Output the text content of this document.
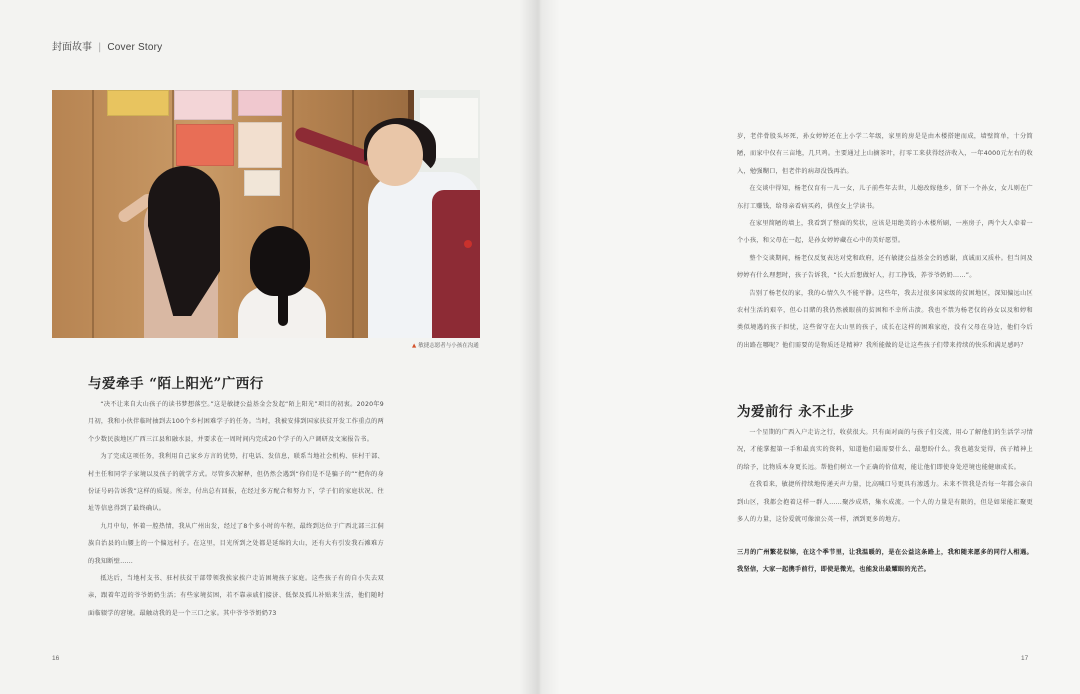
封面故事 | Cover Story
▲ 敏捷志愿者与小孩在沟通
与爱牵手 “陌上阳光”广西行

“决不让来自大山孩子的读书梦想落空。”这是敏捷公益基金会发起“陌上阳光”项目的初衷。2020年9月初，我和小伙伴临时抽到去100个乡村困难学子的任务。当时，我被安排到国家扶贫开发工作重点的两个少数民族地区广西三江县和融水县，并要求在一周时间内完成20个学子的入户调研及文案报告书。

为了完成这项任务，我利用自己家乡方言的优势，打电话、发信息，联系当地社会机构、驻村干部、村主任和同学子家境以及孩子的就学方式。尽管多次解释，但仍然会遇到“你们是不是骗子的”“把你的身份证号码告诉我”这样的质疑。所幸，付出总有回报，在经过多方配合和努力下，学子们的家庭状况、往址等信息得到了最终确认。

九月中旬，怀着一腔热情，我从广州出发，经过了8个多小时的车程，最终到达位于广西北部三江侗族自治县的山腰上的一个偏远村子。在这里，目光所到之处都是延绵的大山，还有大有引发我石滩难方的我知断壁……

抵达后，当地村支书、驻村扶贫干部带领我挨家挨户走访困境孩子家庭。这些孩子有的自小失去双亲，跟着年迈的爷爷奶奶生活；有些家境贫困，若不靠亲戚们接济、低保及孤儿补贴来生活，他们随时面临辍学的窘境。最触动我的是一个三口之家。其中爷爷爷奶奶73

16

岁，老伴骨股头坏死，孙女婷婷还在上小学二年级，家里的房是是由木楼搭建而成，墙壁简单，十分简陋，而家中仅有三亩地，几只鸡。主要通过上山摘茶叶，打零工来获得经济收入，一年4000元左右的收入，勉强糊口，但老伴的病却没钱再治。

在交谈中得知，杨老仅育有一儿一女，儿子前些年去世，儿媳改嫁他乡，留下一个孙女，女儿则在广东打工赚钱，给母亲看病买药，供侄女上学读书。

在家里简陋的墙上，我看到了整面的奖状，应该是用绝美的小木楼所刷，一座房子，两个大人牵着一个小孩，和父母在一起，是孙女婷婷藏在心中的美好愿望。

整个交谈期间，杨老仅反复表达对党和政府，还有敏捷公益基金会的感谢，真诚而又质朴。但当问及婷婷有什么理想时，孩子告诉我，“长大后想做好人，打工挣钱，养爷爷奶奶……”。

告别了杨老仅的家，我的心情久久不能平静。这些年，我去过很多国家级的贫困地区，深知偏远山区农村生活的艰辛，但心目睹的我仍然被眼前的贫困和不幸所击溃。我也不禁为杨老仅的孙女以及和婷和类似境遇的孩子担忧，这些留守在大山里的孩子，成长在这样的困难家庭，没有父母在身边，他们今后的出路在哪呢？他们需要的是物质还是精神？我所能做的是让这些孩子们带来持续的快乐和满足感吗？

为爱前行 永不止步

一个星期的广西入户走访之行，收获很大。只有面对面的与孩子们交流，用心了解他们的生活学习情况，才能掌握第一手和最真实的资料，知道他们最需要什么、最想盼什么。我也越发觉得，孩子精神上的给予，比物质本身更长远。帮他们树立一个正确的价值观，能让他们即使身处逆境也能健康成长。

在我看来，敏捷所持续地传递天声力量，比高喊口号更具有渗透力。未来不管我是否每一年都会亲自到山区，我都会抱着这样一群人……聚沙成塔，集水成流。一个人的力量是有限的，但是如果能汇聚更多人的力量，这份爱就可像滚公英一样，洒到更多的地方。

三月的广州繁花似锦，在这个季节里，让我温暖的，是在公益这条路上，我和随来愿多的同行人相遇。我坚信，大家一起携手前行，即使是微光，也能发出最耀眼的光芒。

17
